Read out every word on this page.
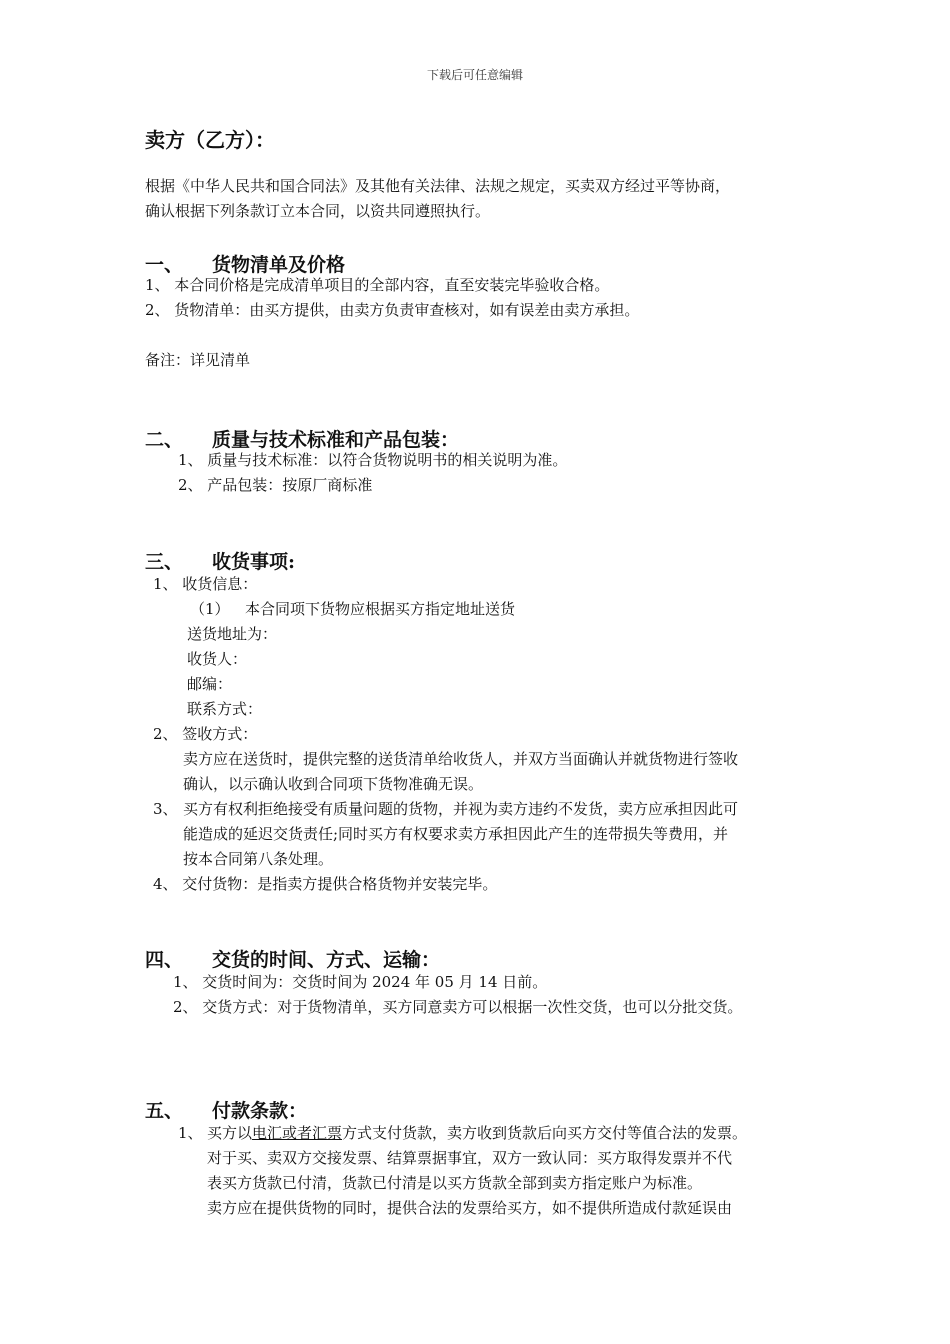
下载后可任意编辑
卖方（乙方）：
根据《中华人民共和国合同法》及其他有关法律、法规之规定，买卖双方经过平等协商，
确认根据下列条款订立本合同，以资共同遵照执行。
一、 货物清单及价格
1、 本合同价格是完成清单项目的全部内容，直至安装完毕验收合格。
2、 货物清单：由买方提供，由卖方负责审查核对，如有误差由卖方承担。
备注：详见清单
二、 质量与技术标准和产品包装：
1、 质量与技术标准：以符合货物说明书的相关说明为准。
2、 产品包装：按原厂商标准
三、 收货事项:
1、 收货信息：
（1） 本合同项下货物应根据买方指定地址送货
送货地址为：
收货人：
邮编：
联系方式：
2、 签收方式：
卖方应在送货时，提供完整的送货清单给收货人，并双方当面确认并就货物进行签收
确认，以示确认收到合同项下货物准确无误。
3、 买方有权利拒绝接受有质量问题的货物，并视为卖方违约不发货，卖方应承担因此可
能造成的延迟交货责任;同时买方有权要求卖方承担因此产生的连带损失等费用，并
按本合同第八条处理。
4、 交付货物：是指卖方提供合格货物并安装完毕。
四、 交货的时间、方式、运输：
1、 交货时间为：交货时间为 2024 年 05 月 14 日前。
2、 交货方式：对于货物清单，买方同意卖方可以根据一次性交货，也可以分批交货。
五、 付款条款：
1、 买方以电汇或者汇票方式支付货款，卖方收到货款后向买方交付等值合法的发票。
对于买、卖双方交接发票、结算票据事宜，双方一致认同：买方取得发票并不代
表买方货款已付清，货款已付清是以买方货款全部到卖方指定账户为标准。
卖方应在提供货物的同时，提供合法的发票给买方，如不提供所造成付款延误由
